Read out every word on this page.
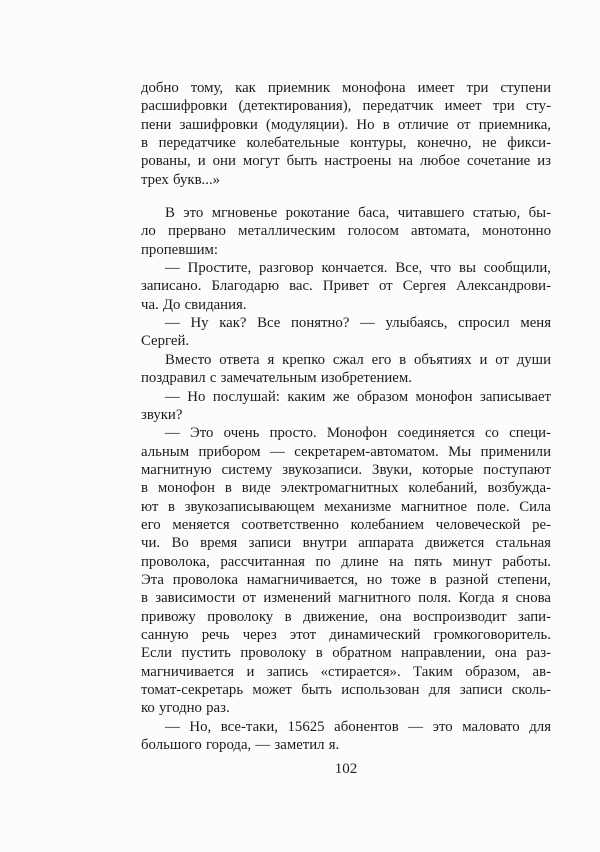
добно тому, как приемник монофона имеет три ступени
расшифровки (детектирования), передатчик имеет три сту-
пени зашифровки (модуляции). Но в отличие от приемника,
в передатчике колебательные контуры, конечно, не фикси-
рованы, и они могут быть настроены на любое сочетание из
трех букв...»
В это мгновенье рокотание баса, читавшего статью, бы-
ло прервано металлическим голосом автомата, монотонно
пропевшим:
— Простите, разговор кончается. Все, что вы сообщили,
записано. Благодарю вас. Привет от Сергея Александрови-
ча. До свидания.
— Ну как? Все понятно? — улыбаясь, спросил меня
Сергей.
Вместо ответа я крепко сжал его в объятиях и от души
поздравил с замечательным изобретением.
— Но послушай: каким же образом монофон записывает
звуки?
— Это очень просто. Монофон соединяется со специ-
альным прибором — секретарем-автоматом. Мы применили
магнитную систему звукозаписи. Звуки, которые поступают
в монофон в виде электромагнитных колебаний, возбужда-
ют в звукозаписывающем механизме магнитное поле. Сила
его меняется соответственно колебанием человеческой ре-
чи. Во время записи внутри аппарата движется стальная
проволока, рассчитанная по длине на пять минут работы.
Эта проволока намагничивается, но тоже в разной степени,
в зависимости от изменений магнитного поля. Когда я снова
привожу проволоку в движение, она воспроизводит запи-
санную речь через этот динамический громкоговоритель.
Если пустить проволоку в обратном направлении, она раз-
магничивается и запись «стирается». Таким образом, ав-
томат-секретарь может быть использован для записи сколь-
ко угодно раз.
— Но, все-таки, 15625 абонентов — это маловато для
большого города, — заметил я.
102
